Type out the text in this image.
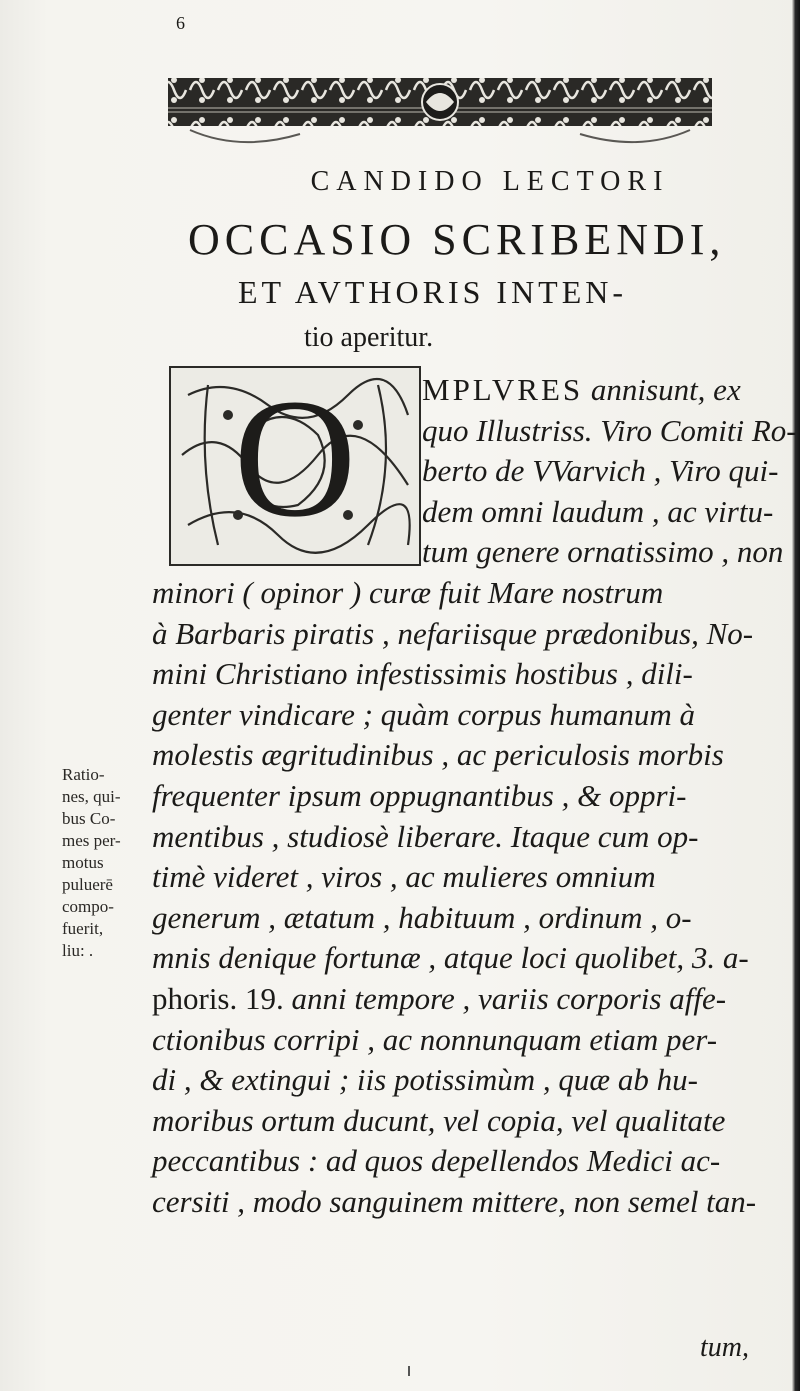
6
CANDIDO LECTORI
OCCASIO SCRIBENDI,
ET AVTHORIS INTEN-
tio aperitur.
O	MPLVRES annisunt, ex
quo Illustriss. Viro Comiti Ro-
berto de VVarvich , Viro qui-
dem omni laudum , ac virtu-
tum genere ornatissimo , non
minori ( opinor ) curæ fuit Mare nostrum
à Barbaris piratis , nefariisque prædonibus, No-
mini Christiano infestissimis hostibus , dili-
genter vindicare ; quàm corpus humanum à
molestis ægritudinibus , ac periculosis morbis
frequenter ipsum oppugnantibus , & oppri-
mentibus , studiosè liberare. Itaque cum op-
timè videret , viros , ac mulieres omnium
generum , ætatum , habituum , ordinum , o-
mnis denique fortunæ , atque loci quolibet, 3. a-
phoris. 19. anni tempore , variis corporis affe-
ctionibus corripi , ac nonnunquam etiam per-
di , & extingui ; iis potissimùm , quæ ab hu-
moribus ortum ducunt, vel copia, vel qualitate
peccantibus : ad quos depellendos Medici ac-
cersiti , modo sanguinem mittere, non semel tan-
Ratio-
nes, qui-
bus Co-
mes per-
motus
puluerē
compo-
fuerit,
liu: .
tum,
